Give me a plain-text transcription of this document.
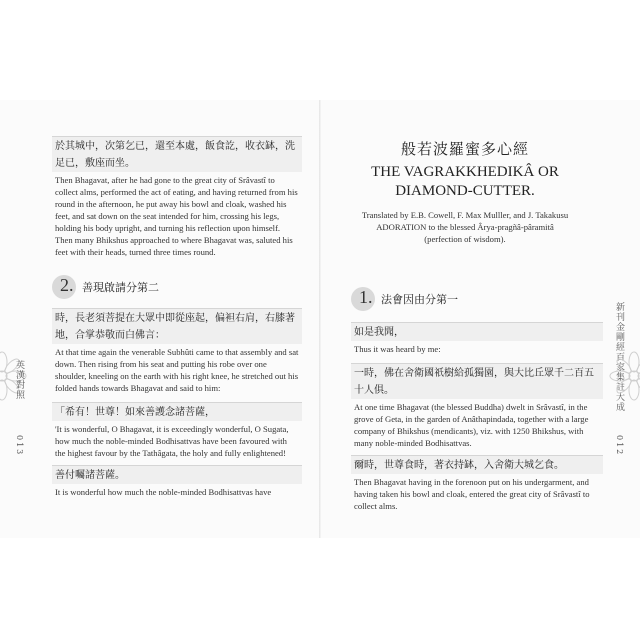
英漢對照
013
於其城中，次第乞已，還至本處，飯食訖，收衣缽，洗足已，敷座而坐。
Then Bhagavat, after he had gone to the great city of Srâvastî to collect alms, performed the act of eating, and having returned from his round in the afternoon, he put away his bowl and cloak, washed his feet, and sat down on the seat intended for him, crossing his legs, holding his body upright, and turning his reflection upon himself. Then many Bhikshus approached to where Bhagavat was, saluted his feet with their heads, turned three times round.
2. 善現啟請分第二
時，長老須菩提在大眾中即從座起，偏袒右肩，右膝著地，合掌恭敬而白佛言：
At that time again the venerable Subhûti came to that assembly and sat down. Then rising from his seat and putting his robe over one shoulder, kneeling on the earth with his right knee, he stretched out his folded hands towards Bhagavat and said to him:
「希有！世尊！如來善護念諸菩薩，
'It is wonderful, O Bhagavat, it is exceedingly wonderful, O Sugata, how much the noble-minded Bodhisattvas have been favoured with the highest favour by the Tathâgata, the holy and fully enlightened!
善付囑諸菩薩。
It is wonderful how much the noble-minded Bodhisattvas have
般若波羅蜜多心經
THE VAGRAKKHEDIKÂ OR
DIAMOND-CUTTER.
Translated by E.B. Cowell, F. Max Mulller, and J. Takakusu
ADORATION to the blessed Ârya-pragñâ-pâramitâ
(perfection of wisdom).
1. 法會因由分第一
如是我聞，
Thus it was heard by me:
一時，佛在舍衛國祇樹給孤獨園，與大比丘眾千二百五十人俱。
At one time Bhagavat (the blessed Buddha) dwelt in Srâvastî, in the grove of Geta, in the garden of Anâthapindada, together with a large company of Bhikshus (mendicants), viz. with 1250 Bhikshus, with many noble-minded Bodhisattvas.
爾時，世尊食時，著衣持缽，入舍衛大城乞食。
Then Bhagavat having in the forenoon put on his undergarment, and having taken his bowl and cloak, entered the great city of Srâvastî to collect alms.
新刊金剛經百家集註大成
012
